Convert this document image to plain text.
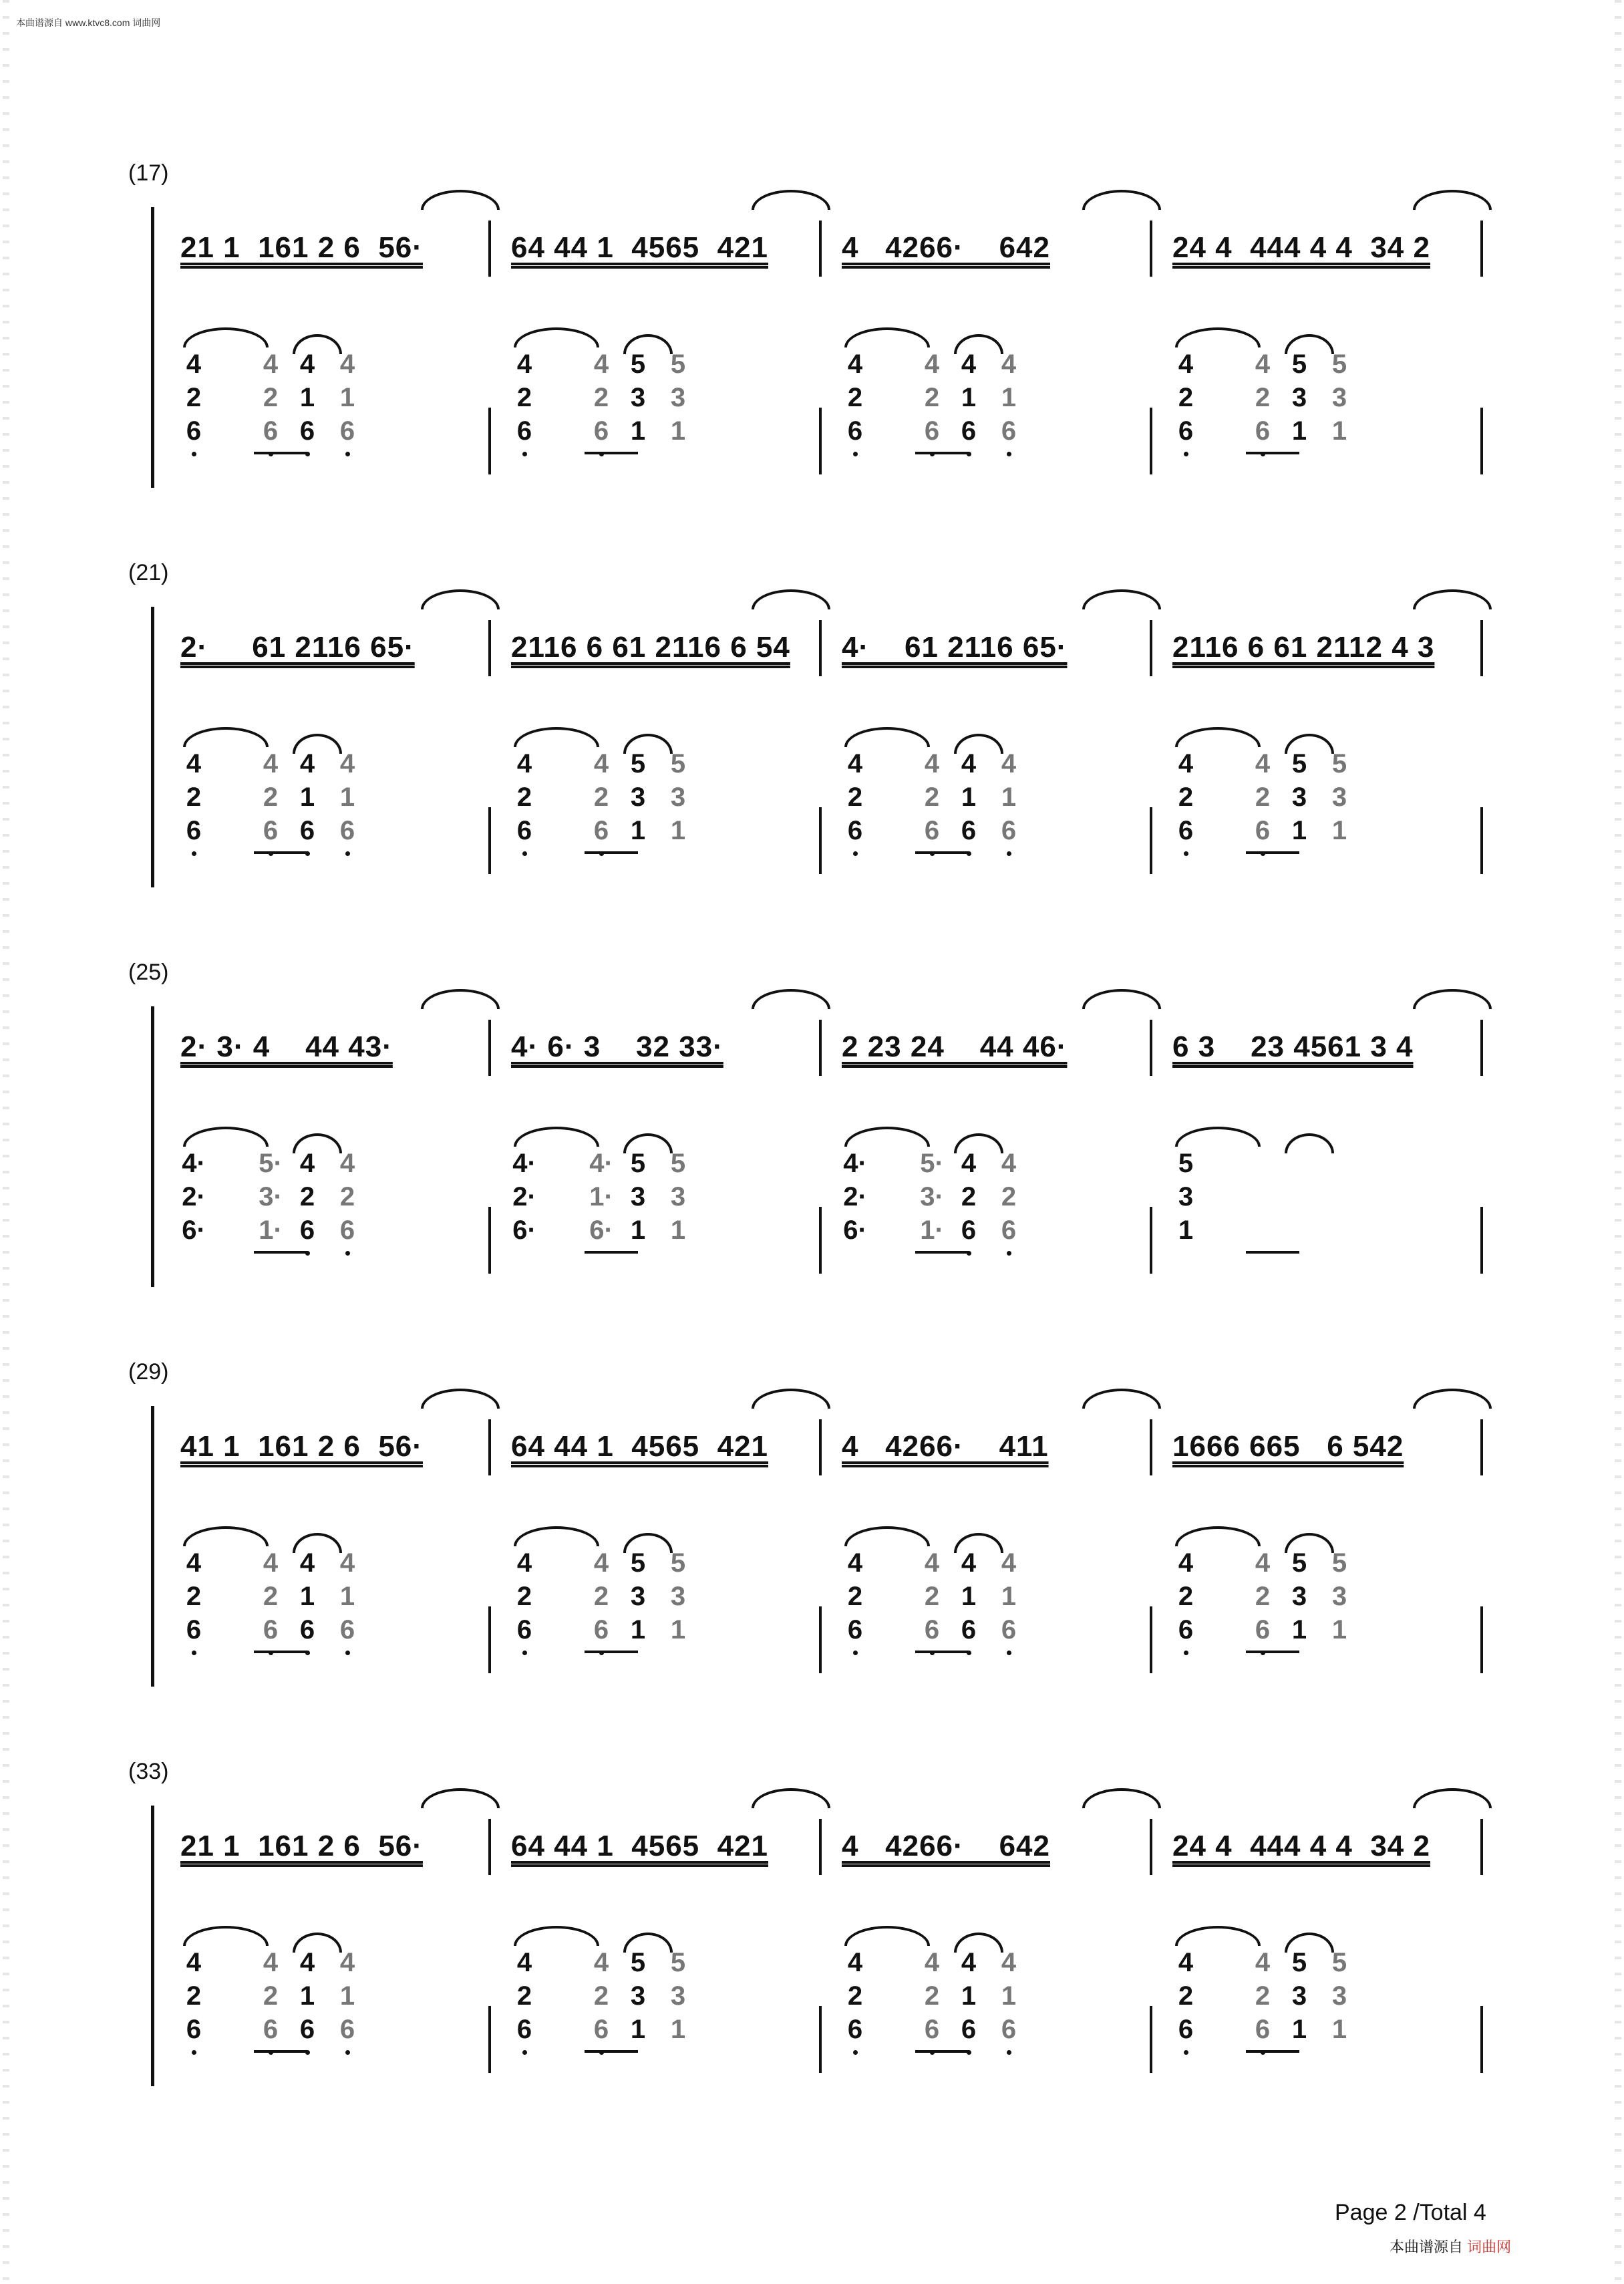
本曲谱源自 www.ktvc8.com 词曲网
(17)
21 1  161 2 6  56·	64 44 1  4565  421	4   4266·    642	24 4  444 4 4  34 2
4
2
6
4
2
6
4
1
6
4
1
6
4
2
6
4
2
6
5
3
1
5
3
1
4
2
6
4
2
6
4
1
6
4
1
6
4
2
6
4
2
6
5
3
1
5
3
1
(21)
2·     61 2116 65·	2116 6 61 2116 6 54 4·    61 2116 65·	2116 6 61 2112 4 3
4
2
6
4
2
6
4
1
6
4
1
6
4
2
6
4
2
6
5
3
1
5
3
1
4
2
6
4
2
6
4
1
6
4
1
6
4
2
6
4
2
6
5
3
1
5
3
1
(25)
2· 3· 4    44 43·	4· 6· 3    32 33·	2 23 24    44 46·	6 3    23 4561 3 4
4·
2·
6·
5·
3·
1·
4
2
6
4
2
6
4·
2·
6·
4·
1·
6·
5
3
1
5
3
1
4·
2·
6·
5·
3·
1·
4
2
6
4
2
6
5
3
1
(29)
41 1  161 2 6  56·	64 44 1  4565  421	4   4266·    411	1666 665   6 542
4
2
6
4
2
6
4
1
6
4
1
6
4
2
6
4
2
6
5
3
1
5
3
1
4
2
6
4
2
6
4
1
6
4
1
6
4
2
6
4
2
6
5
3
1
5
3
1
(33)
21 1  161 2 6  56·	64 44 1  4565  421	4   4266·    642	24 4  444 4 4  34 2
4
2
6
4
2
6
4
1
6
4
1
6
4
2
6
4
2
6
5
3
1
5
3
1
4
2
6
4
2
6
4
1
6
4
1
6
4
2
6
4
2
6
5
3
1
5
3
1
Page 2 /Total 4
本曲谱源自 词曲网
